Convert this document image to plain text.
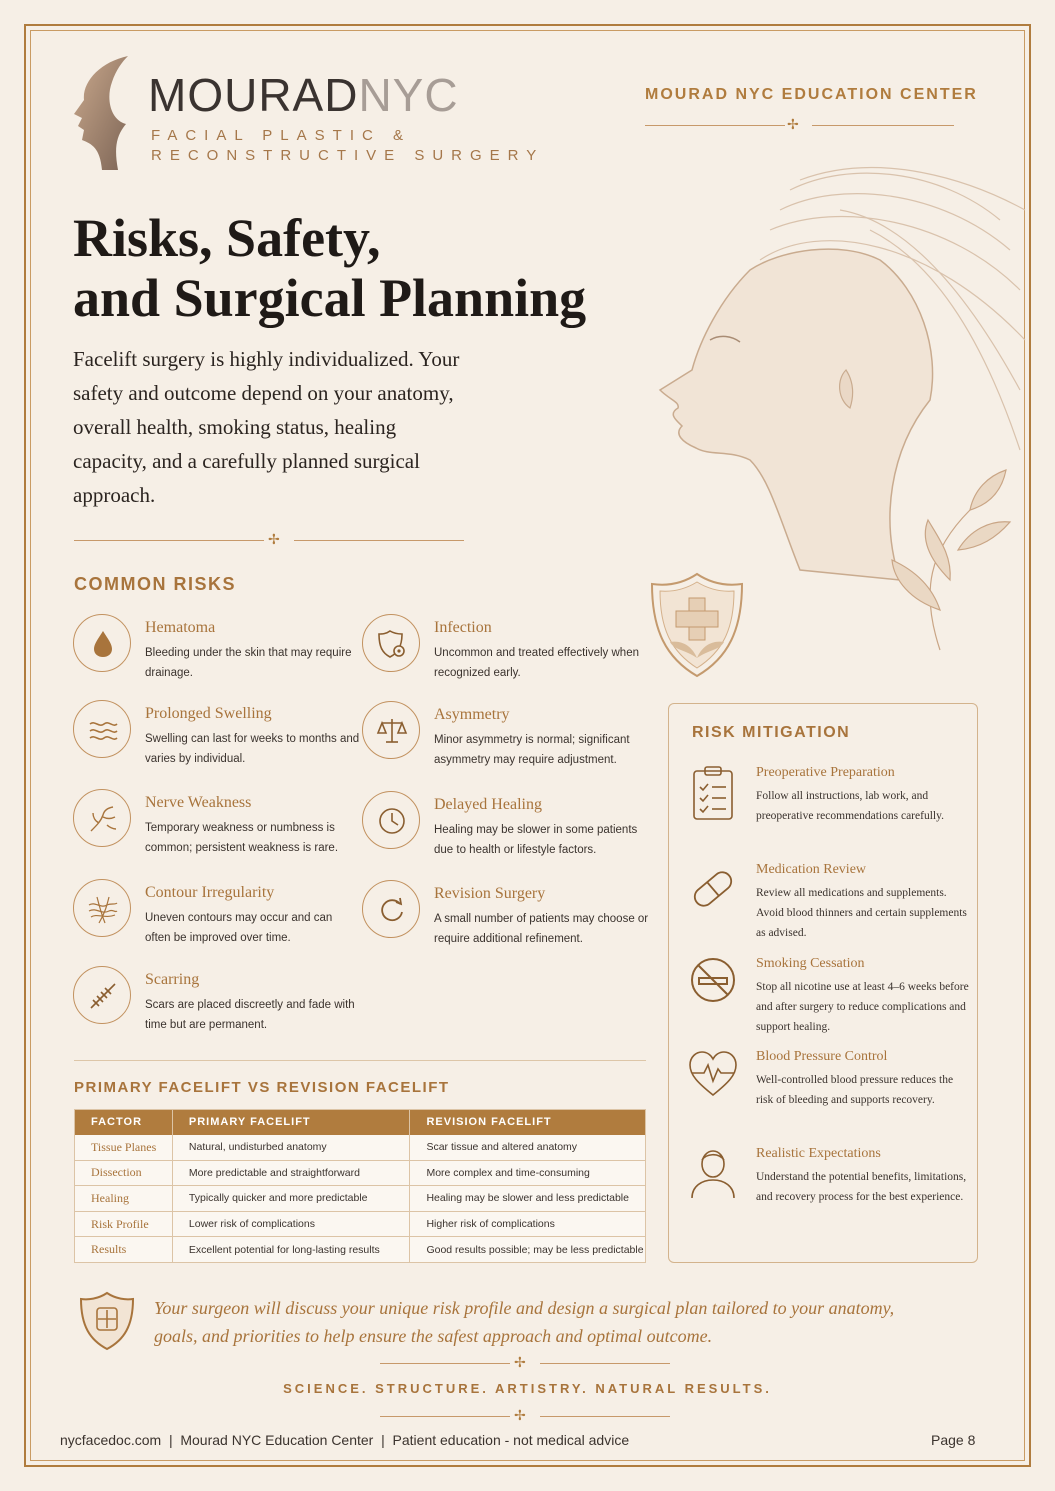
MOURADNYC
FACIAL PLASTIC &
RECONSTRUCTIVE SURGERY
MOURAD NYC EDUCATION CENTER
✢
Risks, Safety,
and Surgical Planning
Facelift surgery is highly individualized. Your safety and outcome depend on your anatomy, overall health, smoking status, healing capacity, and a carefully planned surgical approach.
✢
COMMON RISKS
Hematoma
Bleeding under the skin that may require drainage.
Infection
Uncommon and treated effectively when recognized early.
Prolonged Swelling
Swelling can last for weeks to months and varies by individual.
Asymmetry
Minor asymmetry is normal; significant asymmetry may require adjustment.
Nerve Weakness
Temporary weakness or numbness is common; persistent weakness is rare.
Delayed Healing
Healing may be slower in some patients due to health or lifestyle factors.
Contour Irregularity
Uneven contours may occur and can often be improved over time.
Revision Surgery
A small number of patients may choose or require additional refinement.
Scarring
Scars are placed discreetly and fade with time but are permanent.
PRIMARY FACELIFT VS REVISION FACELIFT
FACTOR	PRIMARY FACELIFT	REVISION FACELIFT
Tissue Planes	Natural, undisturbed anatomy	Scar tissue and altered anatomy
Dissection	More predictable and straightforward	More complex and time-consuming
Healing	Typically quicker and more predictable	Healing may be slower and less predictable
Risk Profile	Lower risk of complications	Higher risk of complications
Results	Excellent potential for long-lasting results	Good results possible; may be less predictable
RISK MITIGATION
Preoperative Preparation
Follow all instructions, lab work, and preoperative recommendations carefully.
Medication Review
Review all medications and supplements. Avoid blood thinners and certain supplements as advised.
Smoking Cessation
Stop all nicotine use at least 4–6 weeks before and after surgery to reduce complications and support healing.
Blood Pressure Control
Well-controlled blood pressure reduces the risk of bleeding and supports recovery.
Realistic Expectations
Understand the potential benefits, limitations, and recovery process for the best experience.
Your surgeon will discuss your unique risk profile and design a surgical plan tailored to your anatomy, goals, and priorities to help ensure the safest approach and optimal outcome.
✢
SCIENCE. STRUCTURE. ARTISTRY. NATURAL RESULTS.
✢
nycfacedoc.com  |  Mourad NYC Education Center  |  Patient education - not medical advice	Page 8
